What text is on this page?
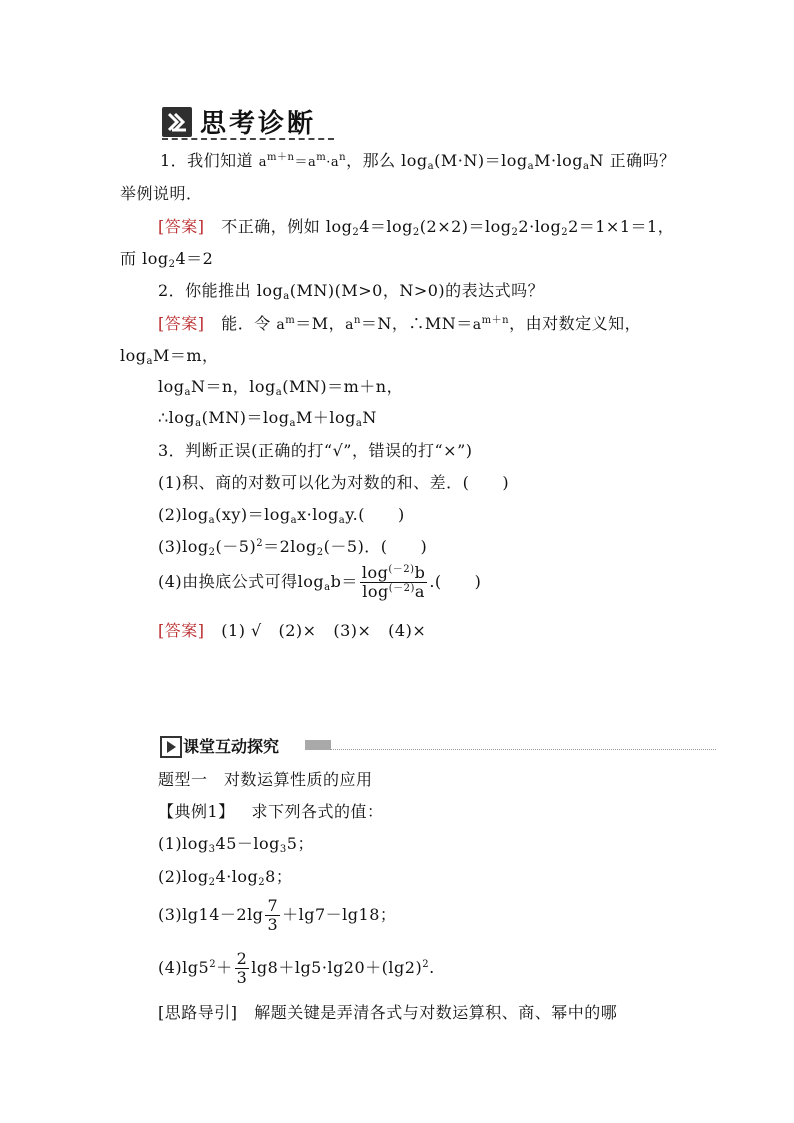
思考诊断
1．我们知道 $a^{m+n}=a^m\cdot a^n$，那么 $\log_a(M\cdot N)=\log_aM\cdot\log_aN$ 正确吗？
举例说明．
[答案] 不正确，例如 $\log_24=\log_2(2\times 2)=\log_22\cdot\log_22=1\times 1=1$，
而 $\log_24=2$
2．你能推出 $\log_a(MN)(M>0$，N>0)的表达式吗？
[答案] 能．令 $a^m=M$，$a^n=N$，$\therefore MN=a^{m+n}$，由对数定义知，
$\log_aM=m$，
$\log_aN=n$，$\log_a(MN)=m+n$，
$\therefore\log_a(MN)=\log_aM+\log_aN$
3．判断正误(正确的打“√”，错误的打“×”)
(1)积、商的对数可以化为对数的和、差．(　　)
$(2)\log_a(xy)=\log_ax\cdot\log_ay$.(　　)
$(3)\log_2(-5)^2=2\log_2(-5)$．(　　)
(4)由换底公式可得$\log_ab= \frac{\log^{(-2)}b}{\log^{(-2)}a}$ .(　　)
[答案] (1) √ (2)× (3)× (4)×
课堂互动探究
题型一　对数运算性质的应用
【典例1】 求下列各式的值：
$(1)\log_345-\log_35$；
$(2)\log_24\cdot\log_28$；
$(3)\lg 14-2\lg \frac{7}{3} +\lg 7-\lg 18$；
$(4)\lg 5^2+ \frac{2}{3} \lg 8+\lg 5\cdot\lg 20+(\lg 2)^2$.
[思路导引] 解题关键是弄清各式与对数运算积、商、幂中的哪
